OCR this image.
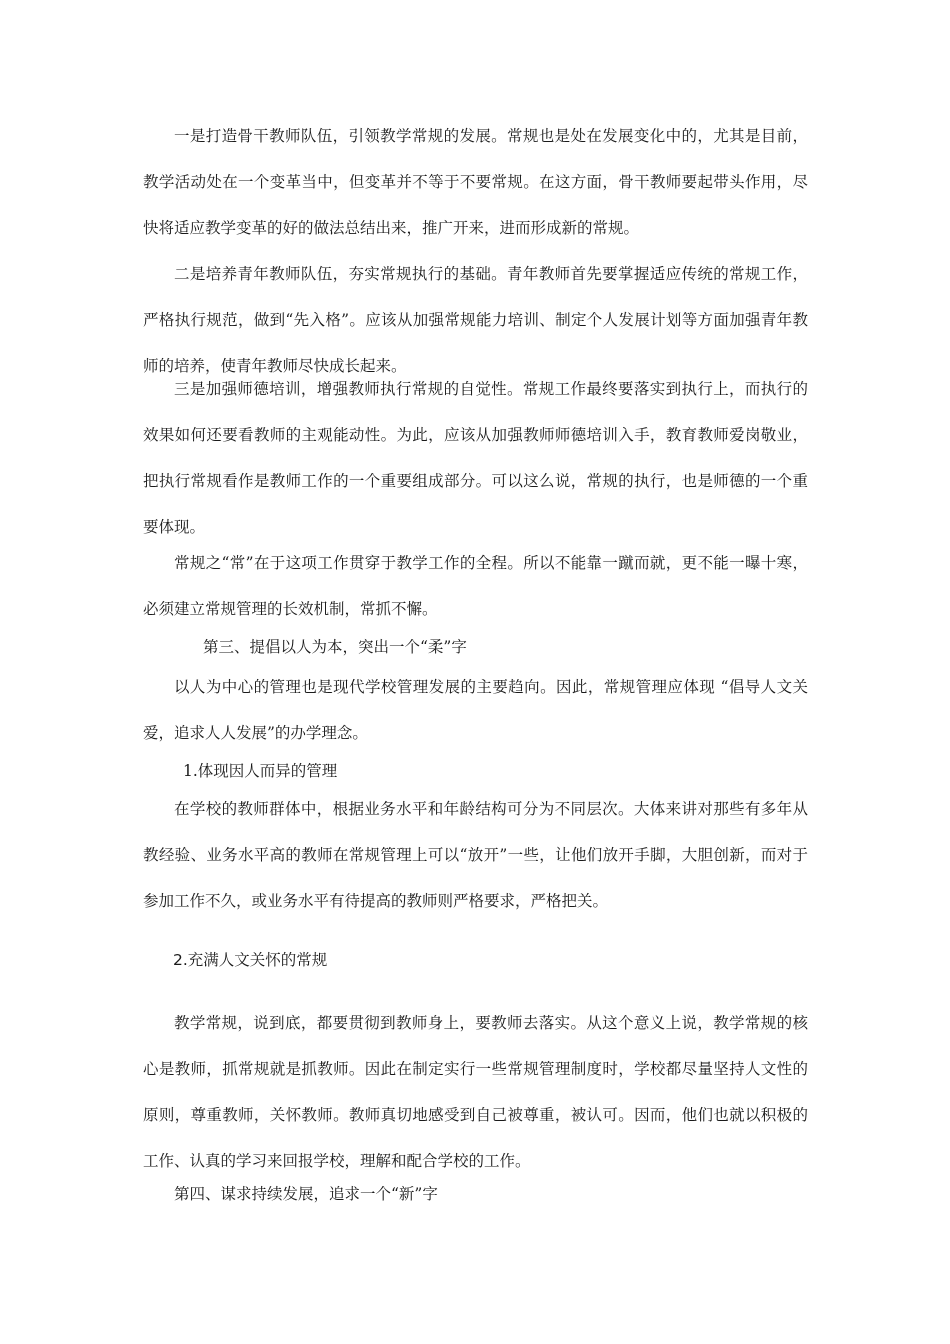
一是打造骨干教师队伍，引领教学常规的发展。常规也是处在发展变化中的，尤其是目前，教学活动处在一个变革当中，但变革并不等于不要常规。在这方面，骨干教师要起带头作用，尽快将适应教学变革的好的做法总结出来，推广开来，进而形成新的常规。

二是培养青年教师队伍，夯实常规执行的基础。青年教师首先要掌握适应传统的常规工作，严格执行规范，做到“先入格”。应该从加强常规能力培训、制定个人发展计划等方面加强青年教师的培养，使青年教师尽快成长起来。

三是加强师德培训，增强教师执行常规的自觉性。常规工作最终要落实到执行上，而执行的效果如何还要看教师的主观能动性。为此，应该从加强教师师德培训入手，教育教师爱岗敬业，把执行常规看作是教师工作的一个重要组成部分。可以这么说，常规的执行，也是师德的一个重要体现。

常规之“常”在于这项工作贯穿于教学工作的全程。所以不能靠一蹴而就，更不能一曝十寒，必须建立常规管理的长效机制，常抓不懈。

第三、提倡以人为本，突出一个“柔”字

以人为中心的管理也是现代学校管理发展的主要趋向。因此，常规管理应体现 “倡导人文关爱，追求人人发展”的办学理念。

1.体现因人而异的管理

在学校的教师群体中，根据业务水平和年龄结构可分为不同层次。大体来讲对那些有多年从教经验、业务水平高的教师在常规管理上可以“放开”一些，让他们放开手脚，大胆创新，而对于参加工作不久，或业务水平有待提高的教师则严格要求，严格把关。

2.充满人文关怀的常规

教学常规，说到底，都要贯彻到教师身上，要教师去落实。从这个意义上说，教学常规的核心是教师，抓常规就是抓教师。因此在制定实行一些常规管理制度时，学校都尽量坚持人文性的原则，尊重教师，关怀教师。教师真切地感受到自己被尊重，被认可。因而，他们也就以积极的工作、认真的学习来回报学校，理解和配合学校的工作。

第四、谋求持续发展，追求一个“新”字
